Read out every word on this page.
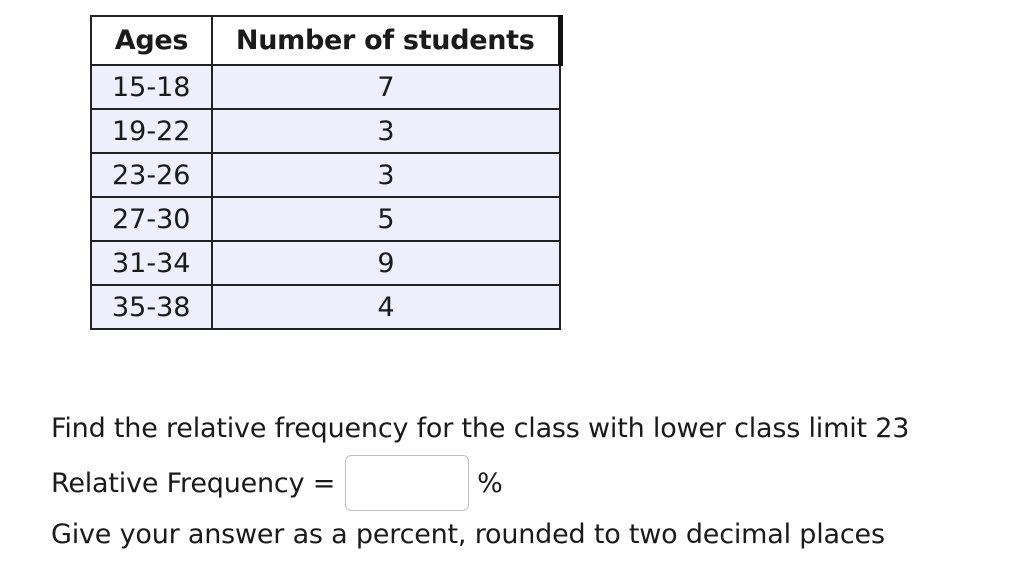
Ages	Number of students
15-18	7
19-22	3
23-26	3
27-30	5
31-34	9
35-38	4
Find the relative frequency for the class with lower class limit 23
Relative Frequency =	%
Give your answer as a percent, rounded to two decimal places
